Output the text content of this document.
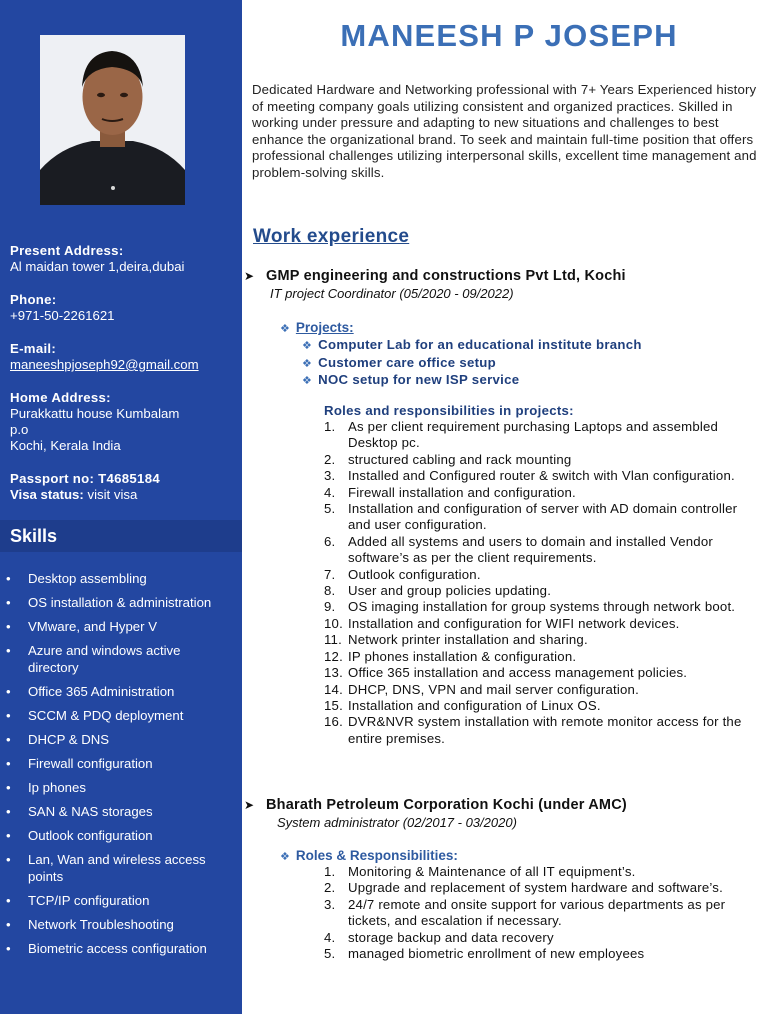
Present Address:
Al maidan tower 1,deira,dubai
Phone:
+971-50-2261621
E-mail:
maneeshpjoseph92@gmail.com
Home Address:
Purakkattu house Kumbalam
p.o
Kochi, Kerala India
Passport no: T4685184
Visa status: visit visa
Skills
• Desktop assembling
• OS installation & administration
• VMware, and Hyper V
• Azure and windows active directory
• Office 365 Administration
• SCCM & PDQ deployment
• DHCP & DNS
• Firewall configuration
• Ip phones
• SAN & NAS storages
• Outlook configuration
• Lan, Wan and wireless access points
• TCP/IP configuration
• Network Troubleshooting
• Biometric access configuration
MANEESH P JOSEPH
Dedicated Hardware and Networking professional with 7+ Years Experienced history of meeting company goals utilizing consistent and organized practices. Skilled in working under pressure and adapting to new situations and challenges to best enhance the organizational brand. To seek and maintain full-time position that offers professional challenges utilizing interpersonal skills, excellent time management and problem-solving skills.
Work experience
➤ GMP engineering and constructions Pvt Ltd, Kochi
IT project Coordinator (05/2020 - 09/2022)
❖ Projects:
❖ Computer Lab for an educational institute branch
❖ Customer care office setup
❖ NOC setup for new ISP service
Roles and responsibilities in projects:
1. As per client requirement purchasing Laptops and assembled Desktop pc.
2. structured cabling and rack mounting
3. Installed and Configured router & switch with Vlan configuration.
4. Firewall installation and configuration.
5. Installation and configuration of server with AD domain controller and user configuration.
6. Added all systems and users to domain and installed Vendor software’s as per the client requirements.
7. Outlook configuration.
8. User and group policies updating.
9. OS imaging installation for group systems through network boot.
10. Installation and configuration for WIFI network devices.
11. Network printer installation and sharing.
12. IP phones installation & configuration.
13. Office 365 installation and access management policies.
14. DHCP, DNS, VPN and mail server configuration.
15. Installation and configuration of Linux OS.
16. DVR&NVR system installation with remote monitor access for the entire premises.
➤ Bharath Petroleum Corporation Kochi (under AMC)
System administrator (02/2017 - 03/2020)
❖ Roles & Responsibilities:
1. Monitoring & Maintenance of all IT equipment’s.
2. Upgrade and replacement of system hardware and software’s.
3. 24/7 remote and onsite support for various departments as per tickets, and escalation if necessary.
4. storage backup and data recovery
5. managed biometric enrollment of new employees
